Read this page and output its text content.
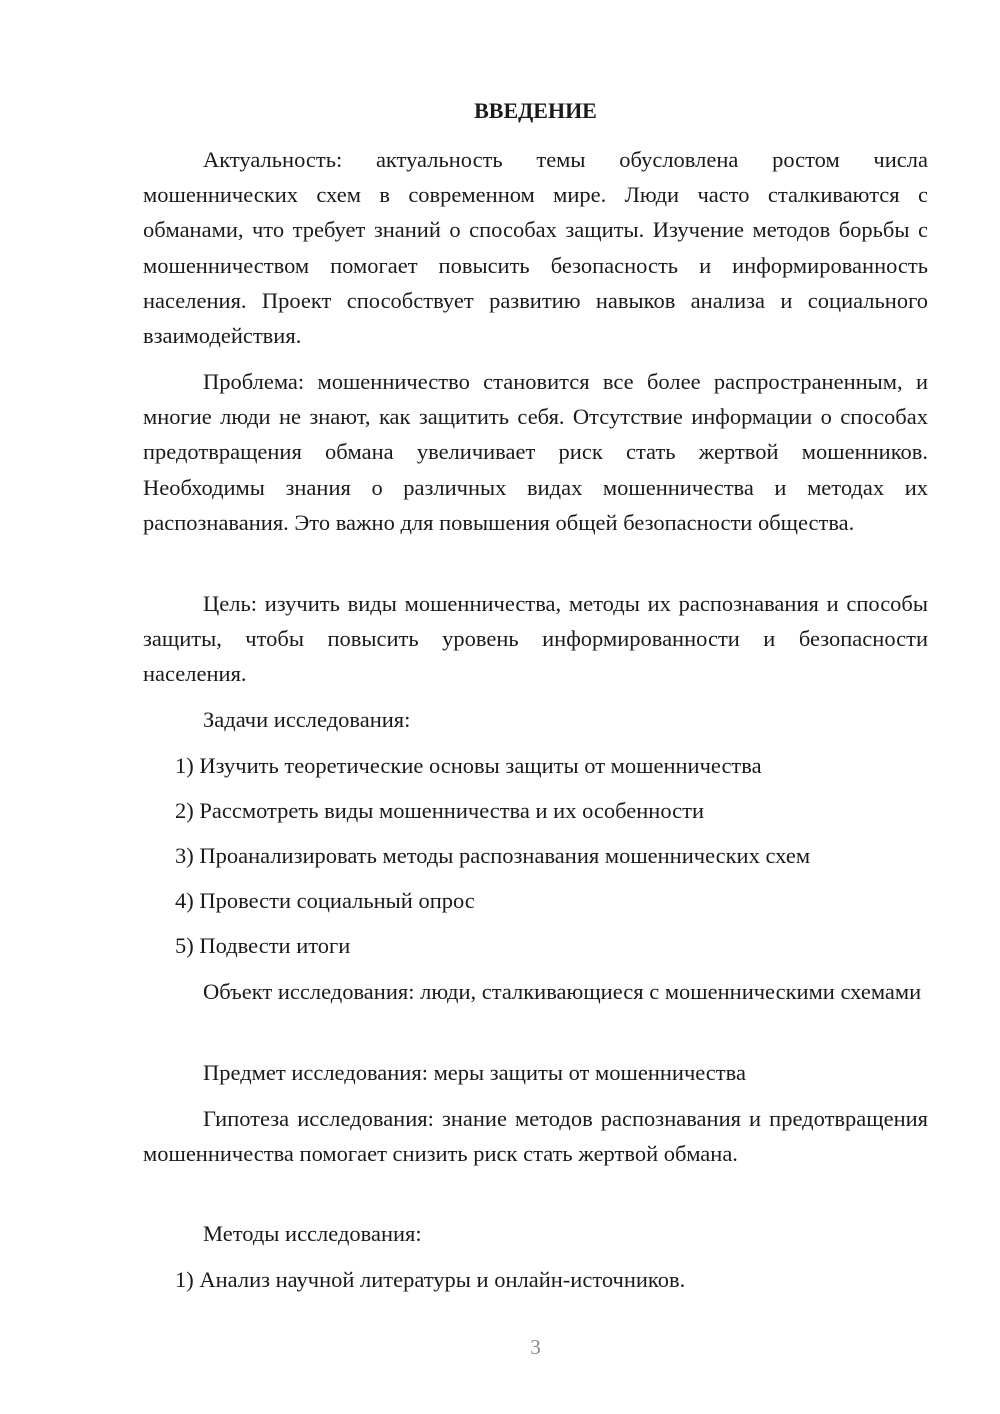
ВВЕДЕНИЕ

Актуальность: актуальность темы обусловлена ростом числа мошеннических схем в современном мире. Люди часто сталкиваются с обманами, что требует знаний о способах защиты. Изучение методов борьбы с мошенничеством помогает повысить безопасность и информированность населения. Проект способствует развитию навыков анализа и социального взаимодействия.

Проблема: мошенничество становится все более распространенным, и многие люди не знают, как защитить себя. Отсутствие информации о способах предотвращения обмана увеличивает риск стать жертвой мошенников. Необходимы знания о различных видах мошенничества и методах их распознавания. Это важно для повышения общей безопасности общества.

Цель: изучить виды мошенничества, методы их распознавания и способы защиты, чтобы повысить уровень информированности и безопасности населения.

Задачи исследования:

1) Изучить теоретические основы защиты от мошенничества

2) Рассмотреть виды мошенничества и их особенности

3) Проанализировать методы распознавания мошеннических схем

4) Провести социальный опрос

5) Подвести итоги

Объект исследования: люди, сталкивающиеся с мошенническими схемами

Предмет исследования: меры защиты от мошенничества

Гипотеза исследования: знание методов распознавания и предотвращения мошенничества помогает снизить риск стать жертвой обмана.

Методы исследования:

1) Анализ научной литературы и онлайн-источников.

3
